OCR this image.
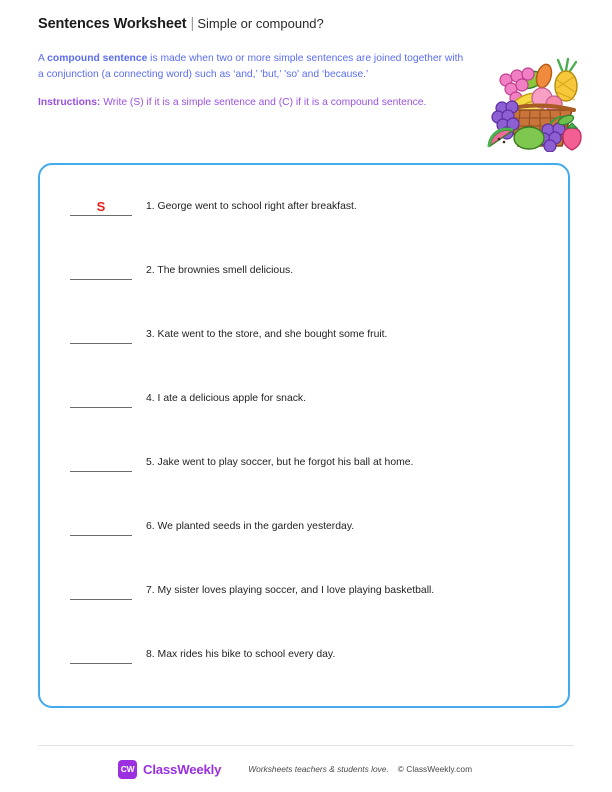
Sentences Worksheet | Simple or compound?
A compound sentence is made when two or more simple sentences are joined together with a conjunction (a connecting word) such as ‘and,’ 'but,' 'so' and ‘because.’
Instructions: Write (S) if it is a simple sentence and (C) if it is a compound sentence.
S	1. George went to school right after breakfast.
2. The brownies smell delicious.
3. Kate went to the store, and she bought some fruit.
4. I ate a delicious apple for snack.
5. Jake went to play soccer, but he forgot his ball at home.
6. We planted seeds in the garden yesterday.
7. My sister loves playing soccer, and I love playing basketball.
8. Max rides his bike to school every day.
CW ClassWeekly	Worksheets teachers & students love. © ClassWeekly.com
